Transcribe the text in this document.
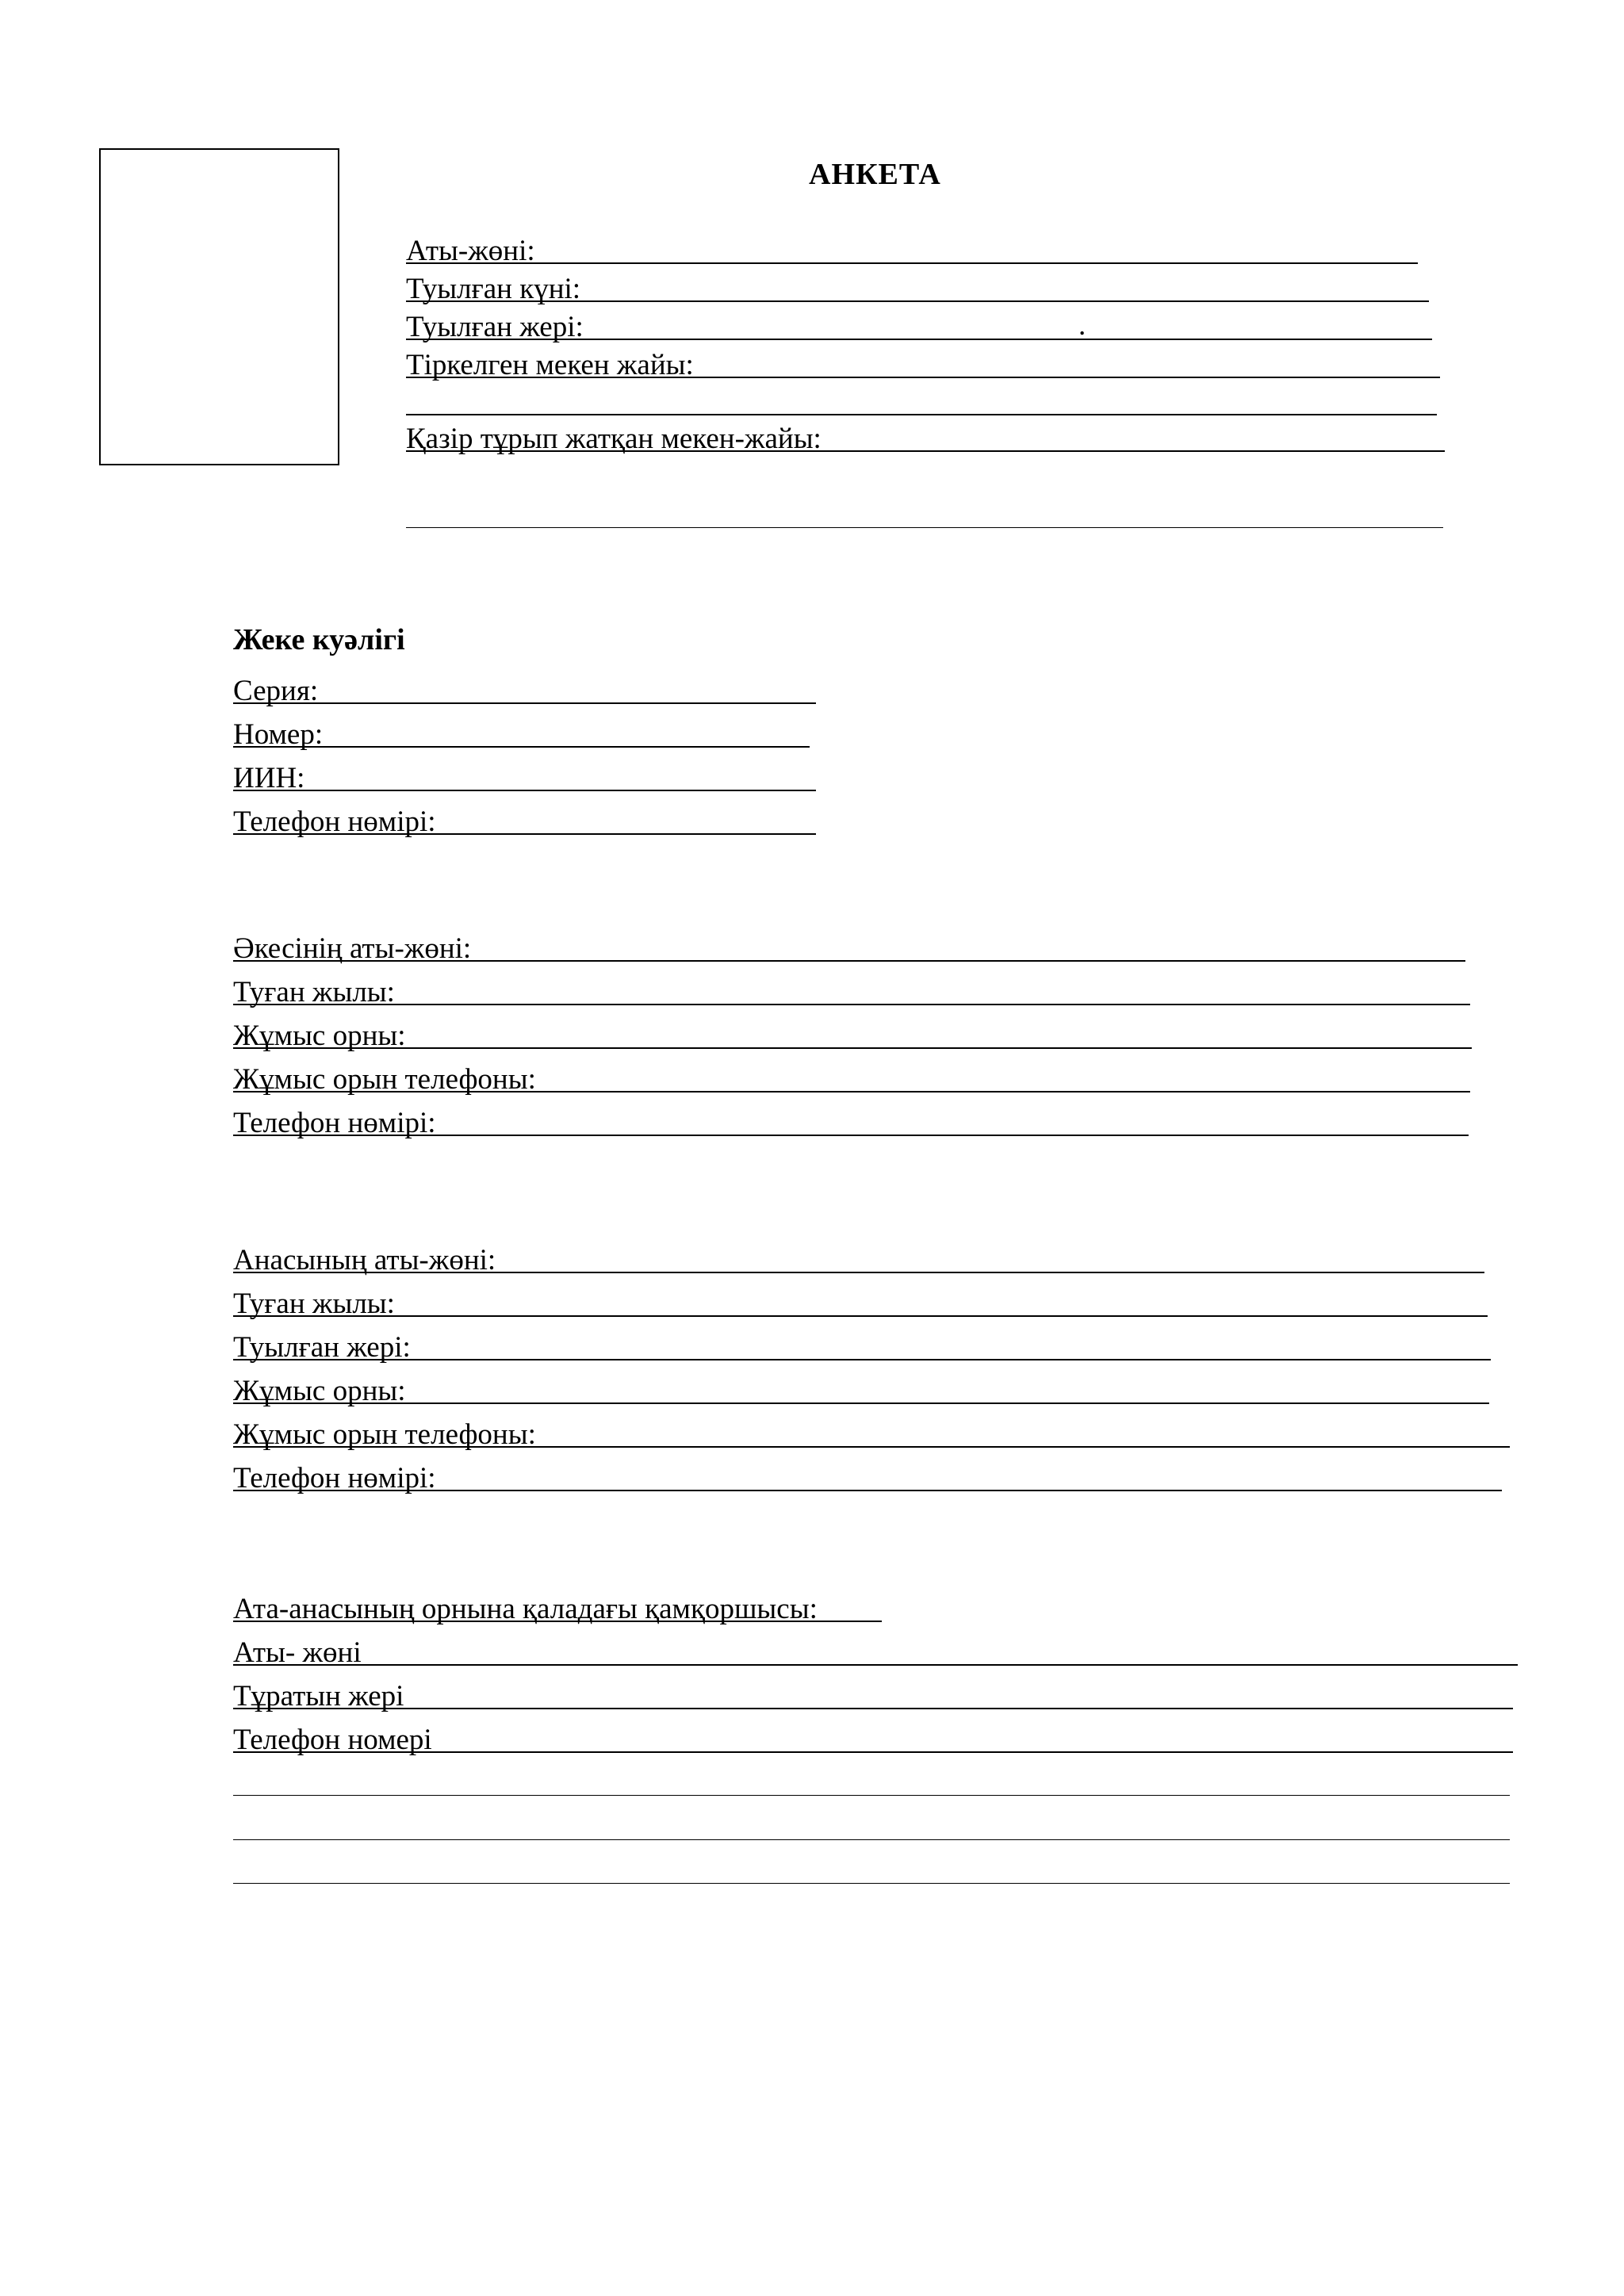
АНКЕТА
Аты-жөні:
Туылған күні:
Туылған жері:	.
Тіркелген мекен жайы:
Қазір тұрып жатқан мекен-жайы:
Жеке куәлігі
Серия:
Номер:
ИИН:
Телефон нөмірі:
Әкесінің аты-жөні:
Туған жылы:
Жұмыс орны:
Жұмыс орын телефоны:
Телефон нөмірі:
Анасының аты-жөні:
Туған жылы:
Туылған жері:
Жұмыс орны:
Жұмыс орын телефоны:
Телефон нөмірі:
Ата-анасының орнына қаладағы қамқоршысы:
Аты- жөні
Тұратын жері
Телефон номері
